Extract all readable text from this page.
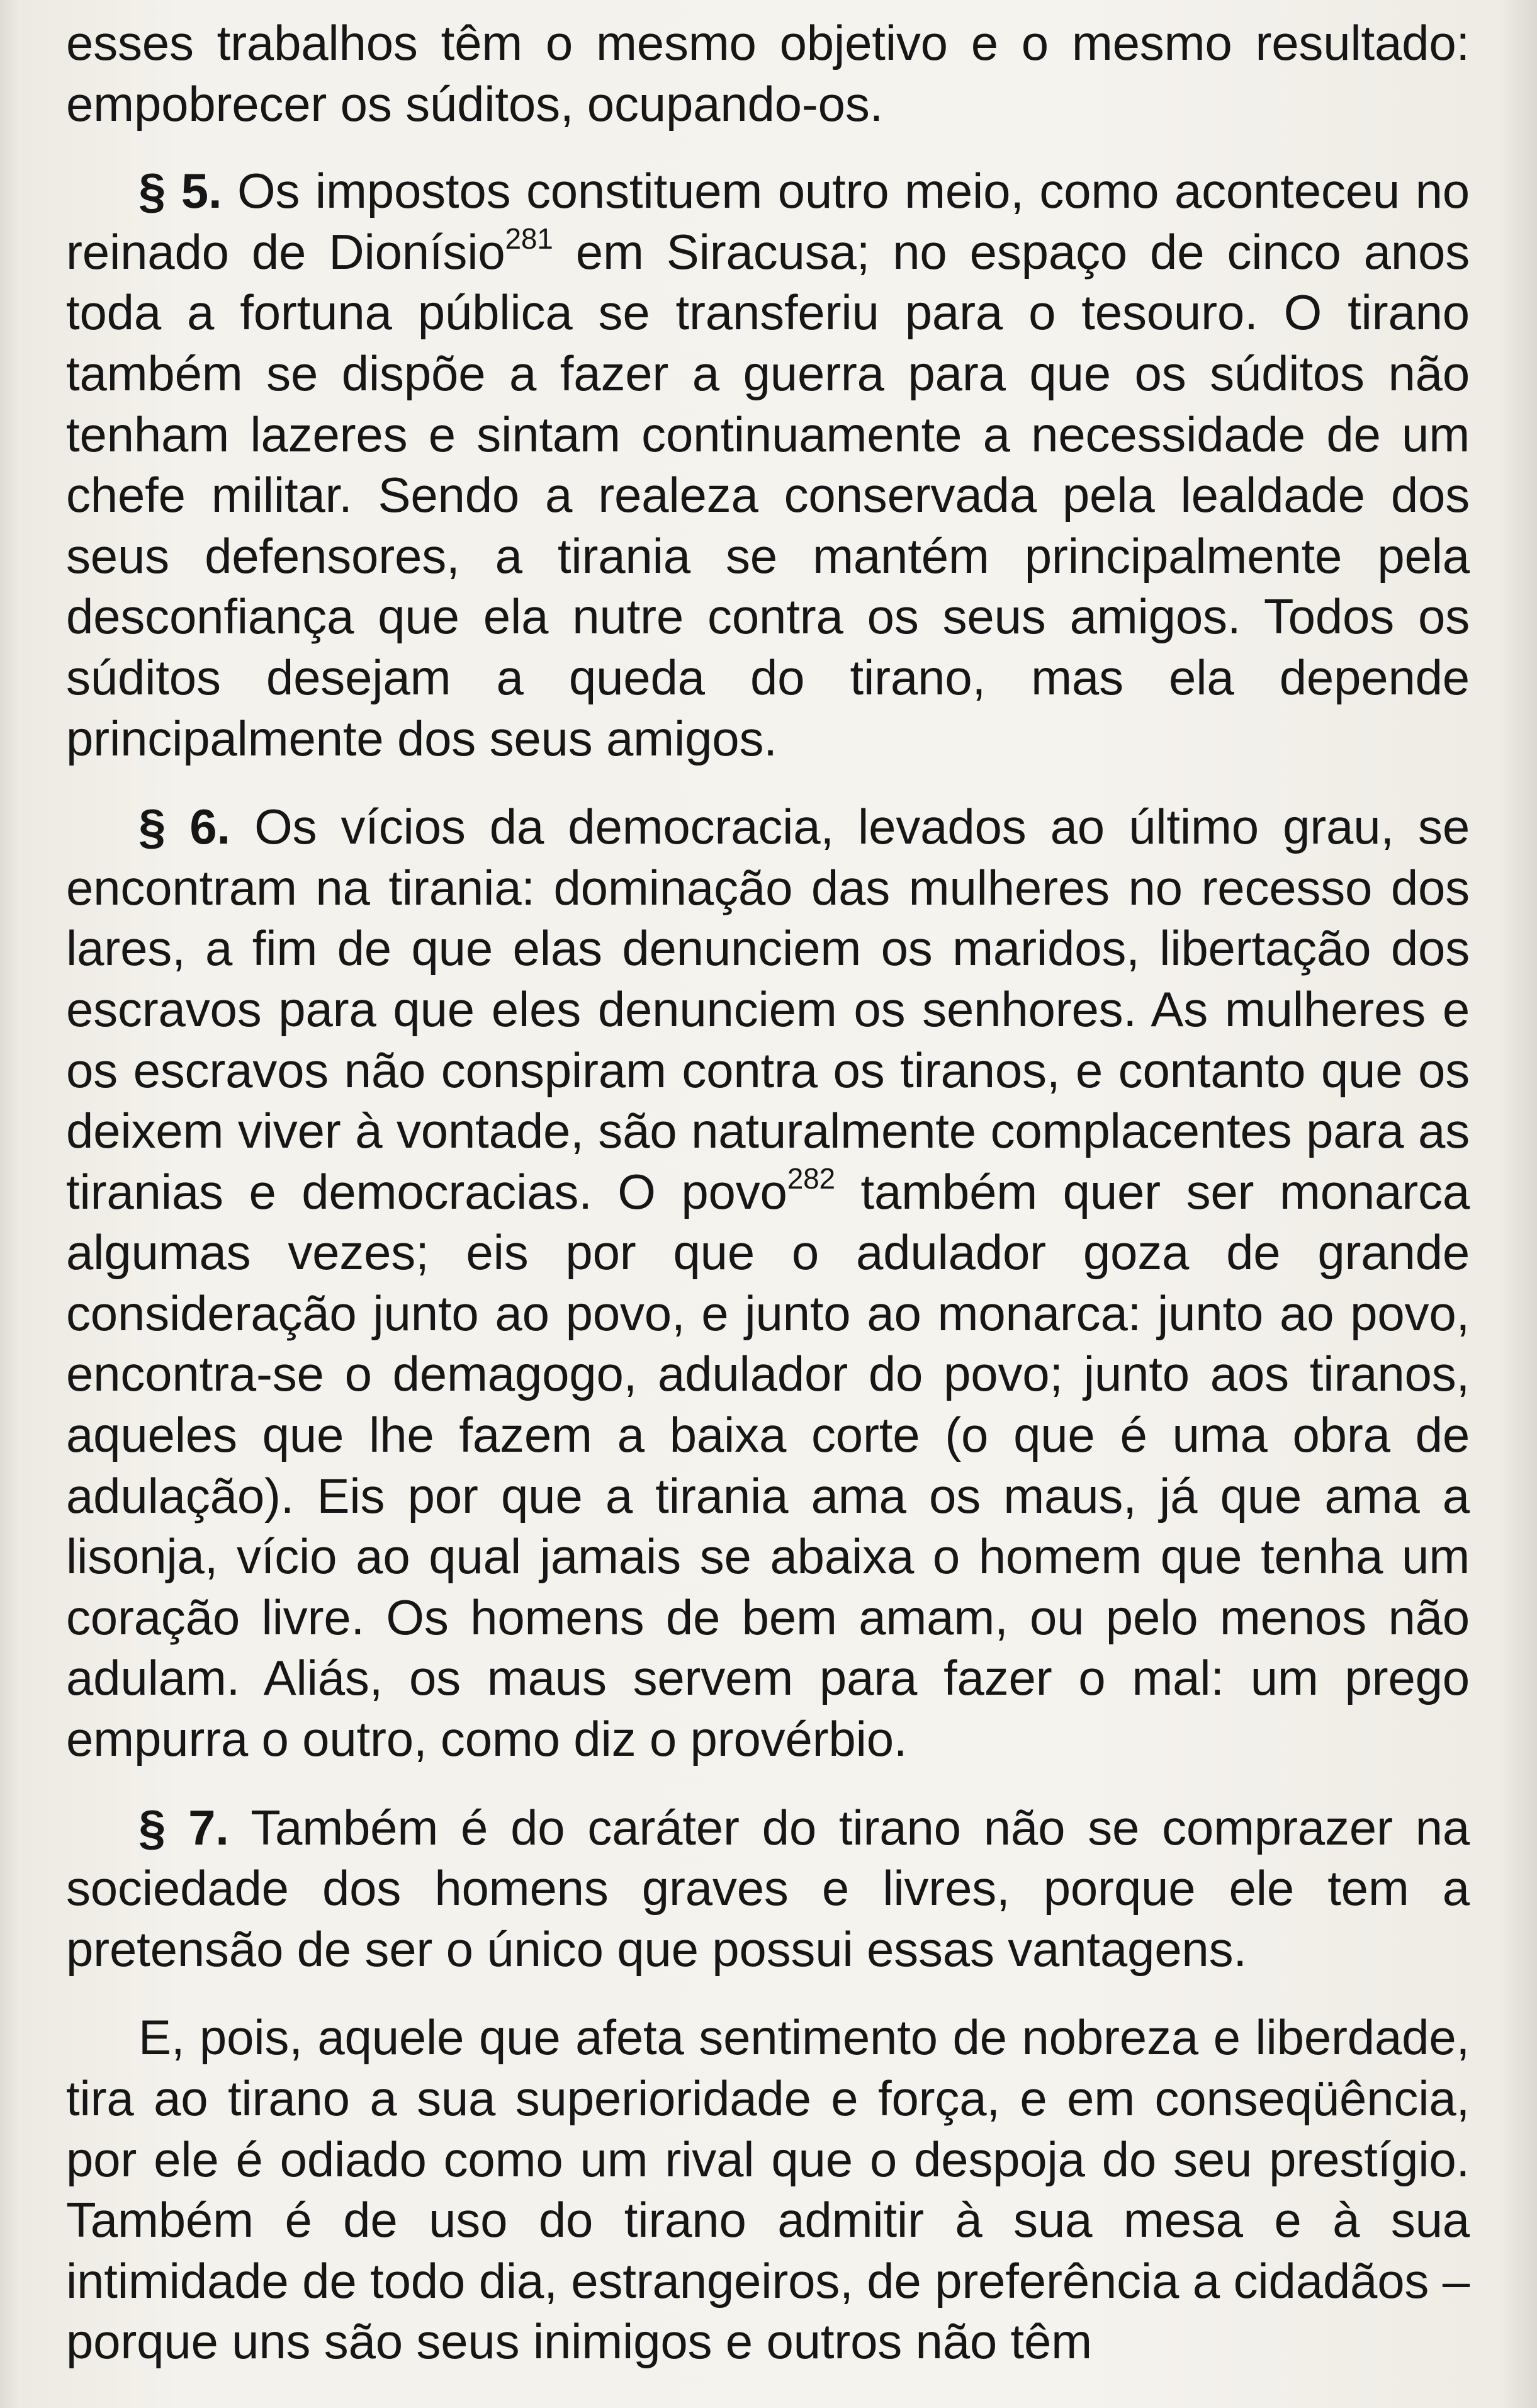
esses trabalhos têm o mesmo objetivo e o mesmo resultado: empobrecer os súditos, ocupando-os.

§ 5. Os impostos constituem outro meio, como aconteceu no reinado de Dionísio$^{281}$ em Siracusa; no espaço de cinco anos toda a fortuna pública se transferiu para o tesouro. O tirano também se dispõe a fazer a guerra para que os súditos não tenham lazeres e sintam continuamente a necessidade de um chefe militar. Sendo a realeza conservada pela lealdade dos seus defensores, a tirania se mantém principalmente pela desconfiança que ela nutre contra os seus amigos. Todos os súditos desejam a queda do tirano, mas ela depende principalmente dos seus amigos.

§ 6. Os vícios da democracia, levados ao último grau, se encontram na tirania: dominação das mulheres no recesso dos lares, a fim de que elas denunciem os maridos, libertação dos escravos para que eles denunciem os senhores. As mulheres e os escravos não conspiram contra os tiranos, e contanto que os deixem viver à vontade, são naturalmente complacentes para as tiranias e democracias. O povo$^{282}$ também quer ser monarca algumas vezes; eis por que o adulador goza de grande consideração junto ao povo, e junto ao monarca: junto ao povo, encontra-se o demagogo, adulador do povo; junto aos tiranos, aqueles que lhe fazem a baixa corte (o que é uma obra de adulação). Eis por que a tirania ama os maus, já que ama a lisonja, vício ao qual jamais se abaixa o homem que tenha um coração livre. Os homens de bem amam, ou pelo menos não adulam. Aliás, os maus servem para fazer o mal: um prego empurra o outro, como diz o provérbio.

§ 7. Também é do caráter do tirano não se comprazer na sociedade dos homens graves e livres, porque ele tem a pretensão de ser o único que possui essas vantagens.

E, pois, aquele que afeta sentimento de nobreza e liberdade, tira ao tirano a sua superioridade e força, e em conseqüência, por ele é odiado como um rival que o despoja do seu prestígio. Também é de uso do tirano admitir à sua mesa e à sua intimidade de todo dia, estrangeiros, de preferência a cidadãos – porque uns são seus inimigos e outros não têm
